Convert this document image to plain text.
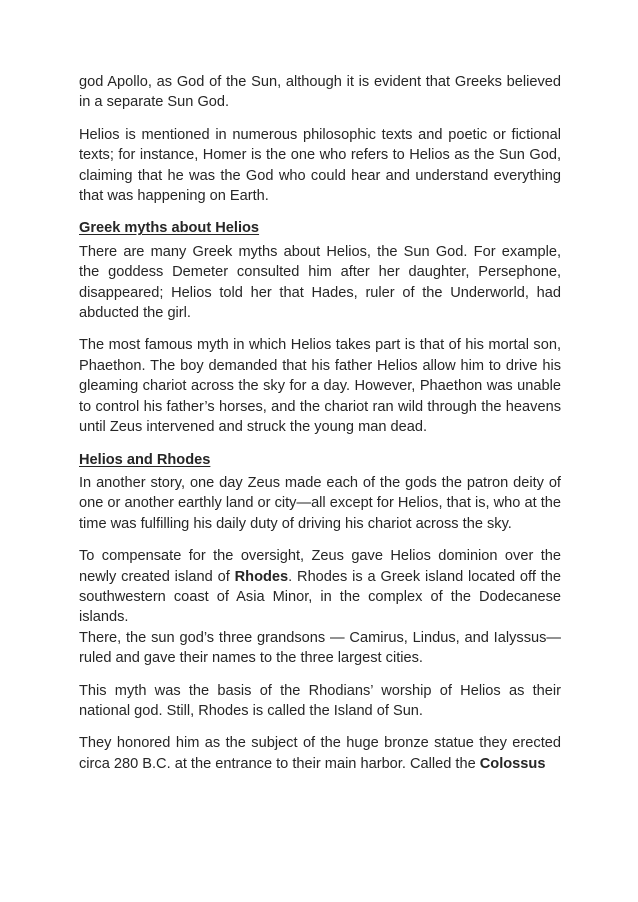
god Apollo, as God of the Sun, although it is evident that Greeks believed in a separate Sun God.

Helios is mentioned in numerous philosophic texts and poetic or fictional texts; for instance, Homer is the one who refers to Helios as the Sun God, claiming that he was the God who could hear and understand everything that was happening on Earth.

Greek myths about Helios

There are many Greek myths about Helios, the Sun God. For example, the goddess Demeter consulted him after her daughter, Persephone, disappeared; Helios told her that Hades, ruler of the Underworld, had abducted the girl.

The most famous myth in which Helios takes part is that of his mortal son, Phaethon. The boy demanded that his father Helios allow him to drive his gleaming chariot across the sky for a day. However, Phaethon was unable to control his father’s horses, and the chariot ran wild through the heavens until Zeus intervened and struck the young man dead.

Helios and Rhodes

In another story, one day Zeus made each of the gods the patron deity of one or another earthly land or city—all except for Helios, that is, who at the time was fulfilling his daily duty of driving his chariot across the sky.

To compensate for the oversight, Zeus gave Helios dominion over the newly created island of Rhodes. Rhodes is a Greek island located off the southwestern coast of Asia Minor, in the complex of the Dodecanese islands.

There, the sun god’s three grandsons — Camirus, Lindus, and Ialyssus—ruled and gave their names to the three largest cities.

This myth was the basis of the Rhodians’ worship of Helios as their national god. Still, Rhodes is called the Island of Sun.

They honored him as the subject of the huge bronze statue they erected circa 280 B.C. at the entrance to their main harbor. Called the Colossus
